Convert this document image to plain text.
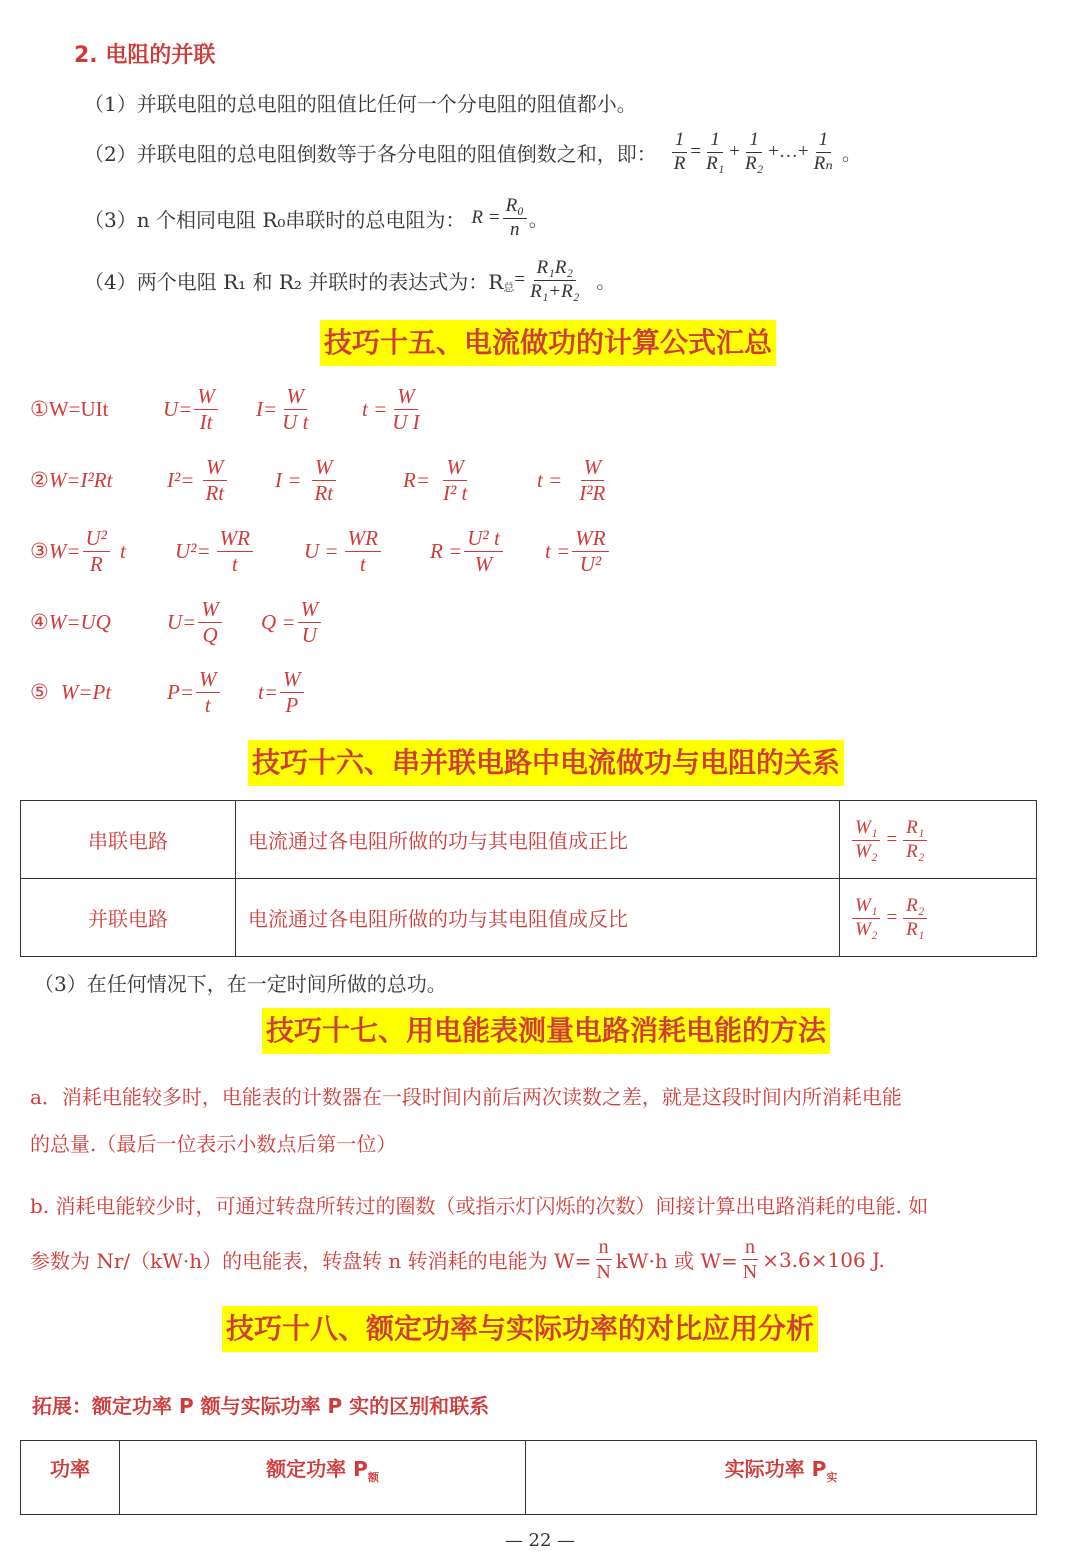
2. 电阻的并联
（1）并联电阻的总电阻的阻值比任何一个分电阻的阻值都小。
（2）并联电阻的总电阻倒数等于各分电阻的阻值倒数之和，即： $\frac{1}{R} = \frac{1}{\text{R₁}} + \frac{1}{\text{R₂}}$ +…+ $\frac{1}{\text{Rₙ}}$ 。
（3）n 个相同电阻 R₀串联时的总电阻为： $R = \frac{\text{R₀}}{n}$ 。
（4）两个电阻 R₁ 和 R₂ 并联时的表达式为：$R_总 = \frac{\text{R₁R₂}}{\text{R₁+R₂}}$ 。
技巧十五、电流做功的计算公式汇总
①W=UIt	$U= \frac{W}{It} I= \frac{W}{\text{U t}}$ $t = \frac{W}{\text{U I}}$
② W=I²Rt	$I^2= \frac{W}{Rt}$ $I = \frac{W}{Rt}$	$R= \frac{W}{\text{I² t}}$	$t = \frac{W}{\text{I²R}}$
③ $W= \frac{\text{U²}}{R}$ t $U^2= \frac{WR}{t}$ $U = \frac{WR}{t}$ $R = \frac{\text{U² t}}{W}$ $t = \frac{WR}{\text{U²}}$
④ W=UQ	$U= \frac{W}{Q}$ $Q = \frac{W}{U}$
⑤ W=Pt	$P= \frac{W}{t} t= \frac{W}{P}$
技巧十六、串并联电路中电流做功与电阻的关系
串联电路	电流通过各电阻所做的功与其电阻值成正比	$\frac{\text{W₁}}{\text{W₂}} = \frac{\text{R₁}}{\text{R₂}}$

并联电路	电流通过各电阻所做的功与其电阻值成反比	$\frac{\text{W₁}}{\text{W₂}} = \frac{\text{R₂}}{\text{R₁}}$
（3）在任何情况下，在一定时间所做的总功。
技巧十七、用电能表测量电路消耗电能的方法
a．消耗电能较多时，电能表的计数器在一段时间内前后两次读数之差，就是这段时间内所消耗电能
的总量.（最后一位表示小数点后第一位）
b. 消耗电能较少时，可通过转盘所转过的圈数（或指示灯闪烁的次数）间接计算出电路消耗的电能. 如
参数为 Nr/（kW·h）的电能表，转盘转 n 转消耗的电能为 $W= \frac{n}{N} kW\cdot h$ 或 $W= \frac{n}{N} \times 3.6\times 106$ J.
技巧十八、额定功率与实际功率的对比应用分析
拓展：额定功率 P 额与实际功率 P 实的区别和联系
功率	额定功率 $P_额$	实际功率 $P_实$
— 22 —
